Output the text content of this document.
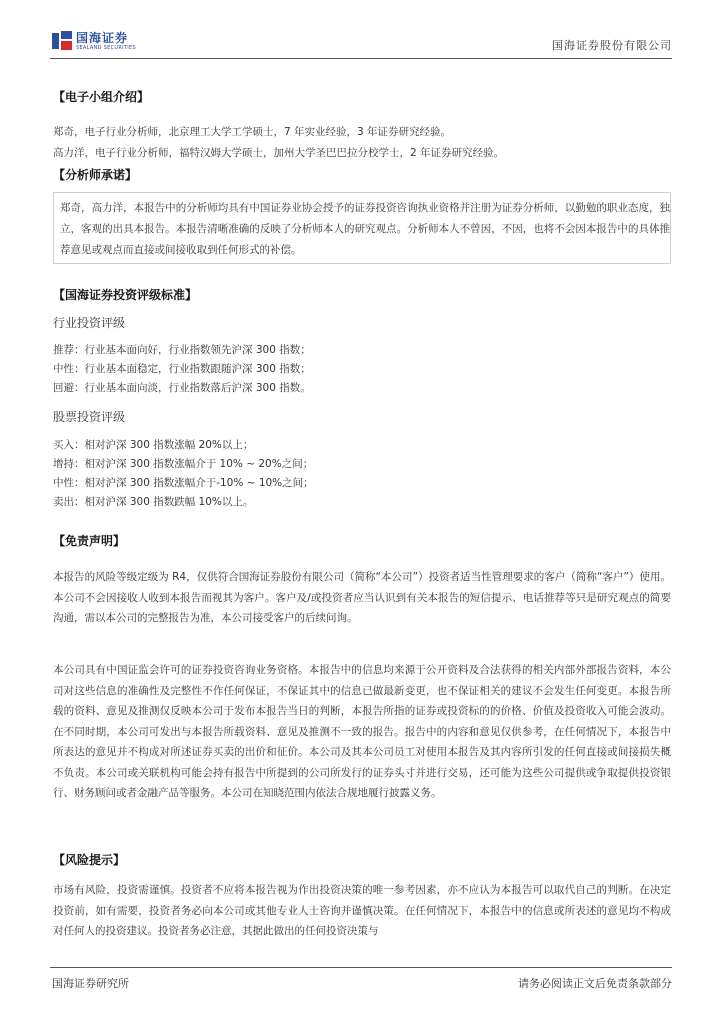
国海证券
SEALAND SECURITIES	国海证券股份有限公司
【电子小组介绍】
郑奇，电子行业分析师，北京理工大学工学硕士，7 年实业经验，3 年证券研究经验。
高力洋，电子行业分析师，福特汉姆大学硕士，加州大学圣巴巴拉分校学士，2 年证券研究经验。
【分析师承诺】
郑奇，高力洋，本报告中的分析师均具有中国证券业协会授予的证券投资咨询执业资格并注册为证券分析师，以勤勉的职业态度，独立，客观的出具本报告。本报告清晰准确的反映了分析师本人的研究观点。分析师本人不曾因，不因，也将不会因本报告中的具体推荐意见或观点而直接或间接收取到任何形式的补偿。
【国海证券投资评级标准】
行业投资评级
推荐：行业基本面向好，行业指数领先沪深 300 指数；
中性：行业基本面稳定，行业指数跟随沪深 300 指数；
回避：行业基本面向淡，行业指数落后沪深 300 指数。
股票投资评级
买入：相对沪深 300 指数涨幅 20%以上；
增持：相对沪深 300 指数涨幅介于 10% ~ 20%之间；
中性：相对沪深 300 指数涨幅介于-10% ~ 10%之间；
卖出：相对沪深 300 指数跌幅 10%以上。
【免责声明】
本报告的风险等级定级为 R4，仅供符合国海证券股份有限公司（简称“本公司”）投资者适当性管理要求的客户（简称“客户”）使用。本公司不会因接收人收到本报告而视其为客户。客户及/或投资者应当认识到有关本报告的短信提示、电话推荐等只是研究观点的简要沟通，需以本公司的完整报告为准，本公司接受客户的后续问询。
本公司具有中国证监会许可的证券投资咨询业务资格。本报告中的信息均来源于公开资料及合法获得的相关内部外部报告资料，本公司对这些信息的准确性及完整性不作任何保证，不保证其中的信息已做最新变更，也不保证相关的建议不会发生任何变更。本报告所载的资料、意见及推测仅反映本公司于发布本报告当日的判断，本报告所指的证券或投资标的的价格、价值及投资收入可能会波动。在不同时期，本公司可发出与本报告所载资料、意见及推测不一致的报告。报告中的内容和意见仅供参考，在任何情况下，本报告中所表达的意见并不构成对所述证券买卖的出价和征价。本公司及其本公司员工对使用本报告及其内容所引发的任何直接或间接损失概不负责。本公司或关联机构可能会持有报告中所提到的公司所发行的证券头寸并进行交易，还可能为这些公司提供或争取提供投资银行、财务顾问或者金融产品等服务。本公司在知晓范围内依法合规地履行披露义务。
【风险提示】
市场有风险，投资需谨慎。投资者不应将本报告视为作出投资决策的唯一参考因素，亦不应认为本报告可以取代自己的判断。在决定投资前，如有需要，投资者务必向本公司或其他专业人士咨询并谨慎决策。在任何情况下，本报告中的信息或所表述的意见均不构成对任何人的投资建议。投资者务必注意，其据此做出的任何投资决策与
国海证券研究所	请务必阅读正文后免责条款部分
